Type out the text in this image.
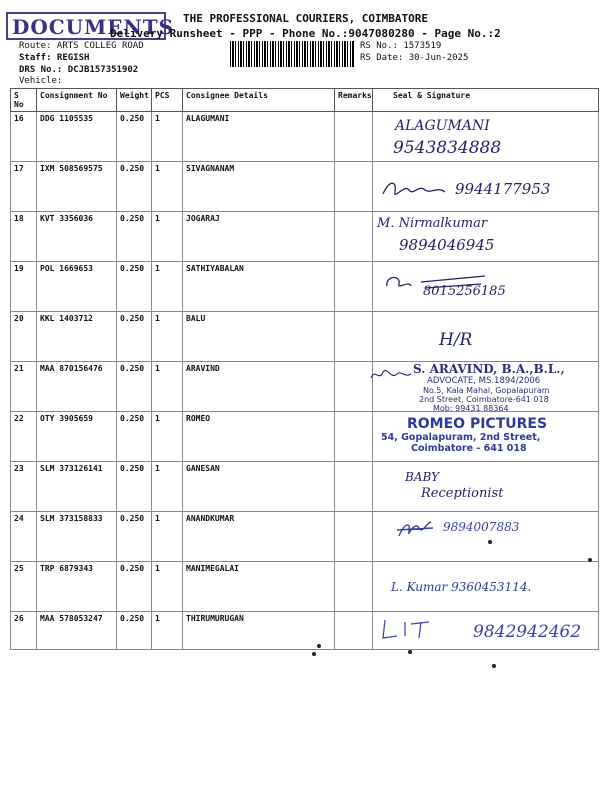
DOCUMENTS THE PROFESSIONAL COURIERS, COIMBATORE
Delivery Runsheet - PPP - Phone No.:9047080280 - Page No.:2
Route: ARTS COLLEG ROAD
Staff: REGISH
DRS No.: DCJB157351902
Vehicle:
RS No.: 1573519
RS Date: 30-Jun-2025
S No	Consignment No	Weight	PCS	Consignee Details	Remarks	Seal & Signature
16	DDG 1105535	0.250	1	ALAGUMANI		ALAGUMANI
9543834888

17	IXM 508569575	0.250	1	SIVAGNANAM		9944177953

18	KVT 3356036	0.250	1	JOGARAJ		M. Nirmalkumar
9894046945

19	POL 1669653	0.250	1	SATHIYABALAN		8015256185

20	KKL 1403712	0.250	1	BALU		H/R

21	MAA 870156476	0.250	1	ARAVIND		S. ARAVIND, B.A.,B.L.,
ADVOCATE, MS.1894/2006
No.5, Kala Mahal, Gopalapuram
2nd Street, Coimbatore-641 018
Mob: 99431 88364

22	OTY 3905659	0.250	1	ROMEO		ROMEO PICTURES
54, Gopalapuram, 2nd Street,
Coimbatore - 641 018

23	SLM 373126141	0.250	1	GANESAN		BABY
Receptionist

24	SLM 373158833	0.250	1	ANANDKUMAR		9894007883

25	TRP 6879343	0.250	1	MANIMEGALAI		L. Kumar 9360453114.

26	MAA 578053247	0.250	1	THIRUMURUGAN		9842942462
